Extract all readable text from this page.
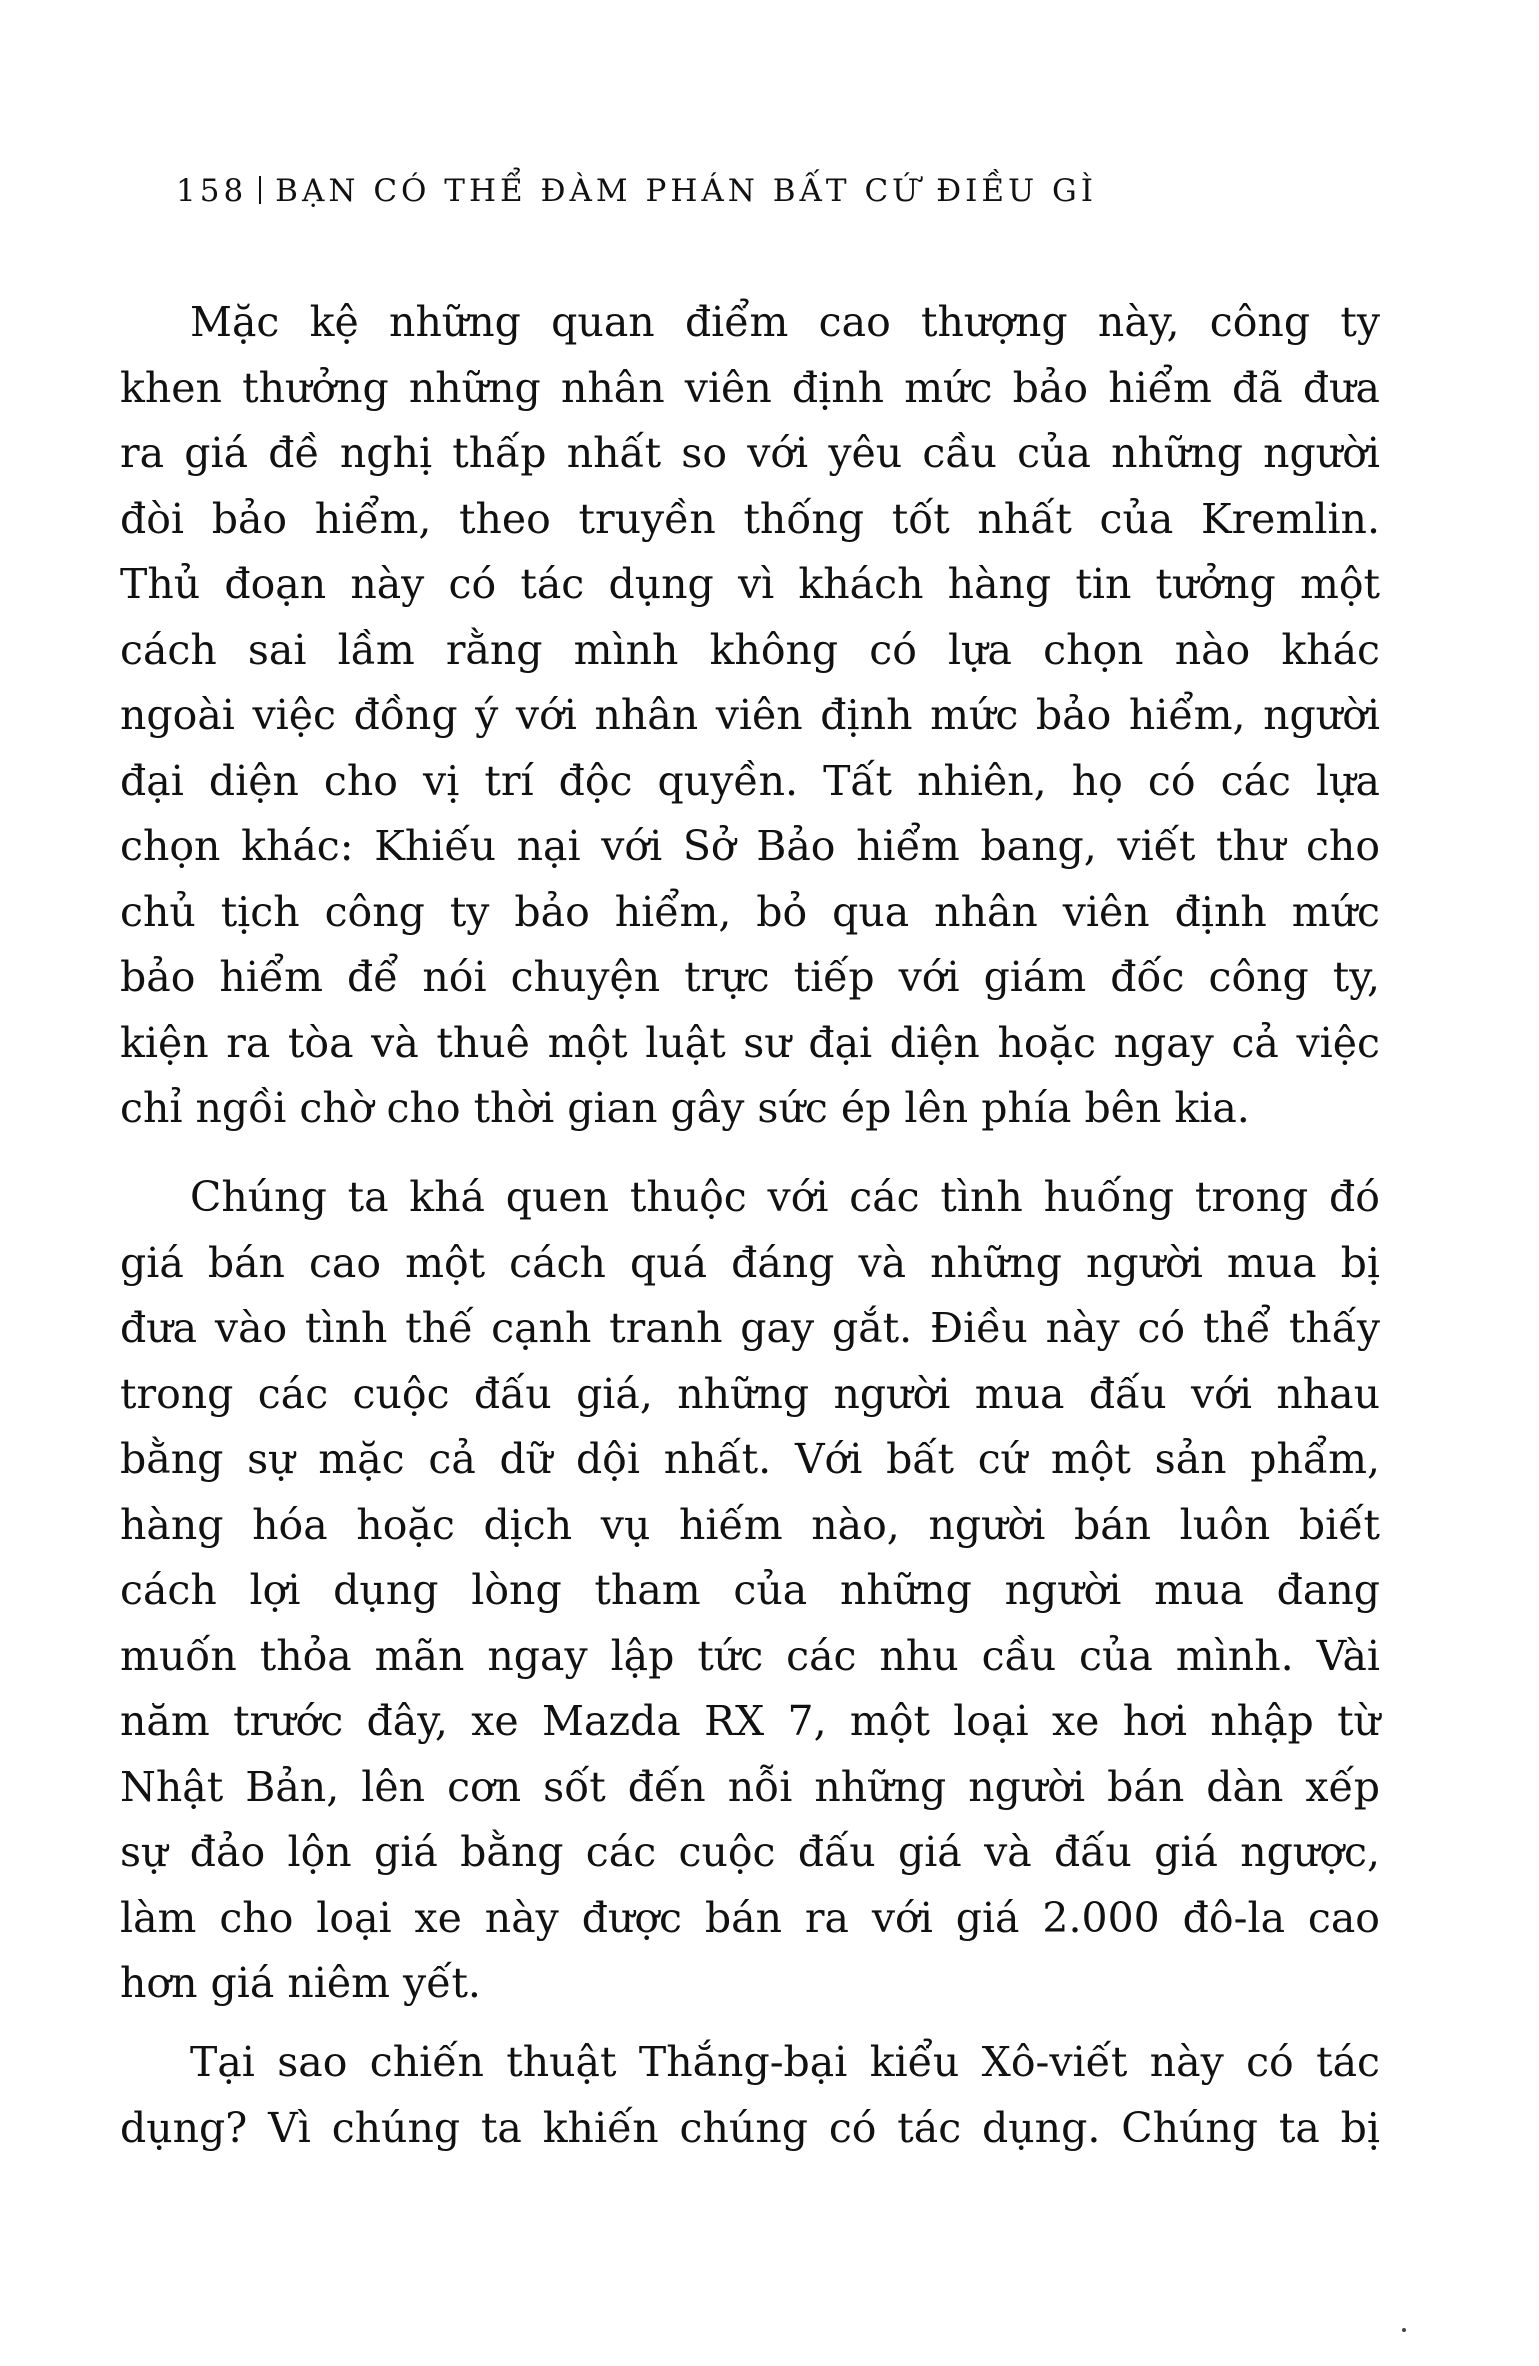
158 BẠN CÓ THỂ ĐÀM PHÁN BẤT CỨ ĐIỀU GÌ
Mặc kệ những quan điểm cao thượng này, công ty
khen thưởng những nhân viên định mức bảo hiểm đã đưa
ra giá đề nghị thấp nhất so với yêu cầu của những người
đòi bảo hiểm, theo truyền thống tốt nhất của Kremlin.
Thủ đoạn này có tác dụng vì khách hàng tin tưởng một
cách sai lầm rằng mình không có lựa chọn nào khác
ngoài việc đồng ý với nhân viên định mức bảo hiểm, người
đại diện cho vị trí độc quyền. Tất nhiên, họ có các lựa
chọn khác: Khiếu nại với Sở Bảo hiểm bang, viết thư cho
chủ tịch công ty bảo hiểm, bỏ qua nhân viên định mức
bảo hiểm để nói chuyện trực tiếp với giám đốc công ty,
kiện ra tòa và thuê một luật sư đại diện hoặc ngay cả việc
chỉ ngồi chờ cho thời gian gây sức ép lên phía bên kia.
Chúng ta khá quen thuộc với các tình huống trong đó
giá bán cao một cách quá đáng và những người mua bị
đưa vào tình thế cạnh tranh gay gắt. Điều này có thể thấy
trong các cuộc đấu giá, những người mua đấu với nhau
bằng sự mặc cả dữ dội nhất. Với bất cứ một sản phẩm,
hàng hóa hoặc dịch vụ hiếm nào, người bán luôn biết
cách lợi dụng lòng tham của những người mua đang
muốn thỏa mãn ngay lập tức các nhu cầu của mình. Vài
năm trước đây, xe Mazda RX 7, một loại xe hơi nhập từ
Nhật Bản, lên cơn sốt đến nỗi những người bán dàn xếp
sự đảo lộn giá bằng các cuộc đấu giá và đấu giá ngược,
làm cho loại xe này được bán ra với giá 2.000 đô-la cao
hơn giá niêm yết.
Tại sao chiến thuật Thắng-bại kiểu Xô-viết này có tác
dụng? Vì chúng ta khiến chúng có tác dụng. Chúng ta bị
